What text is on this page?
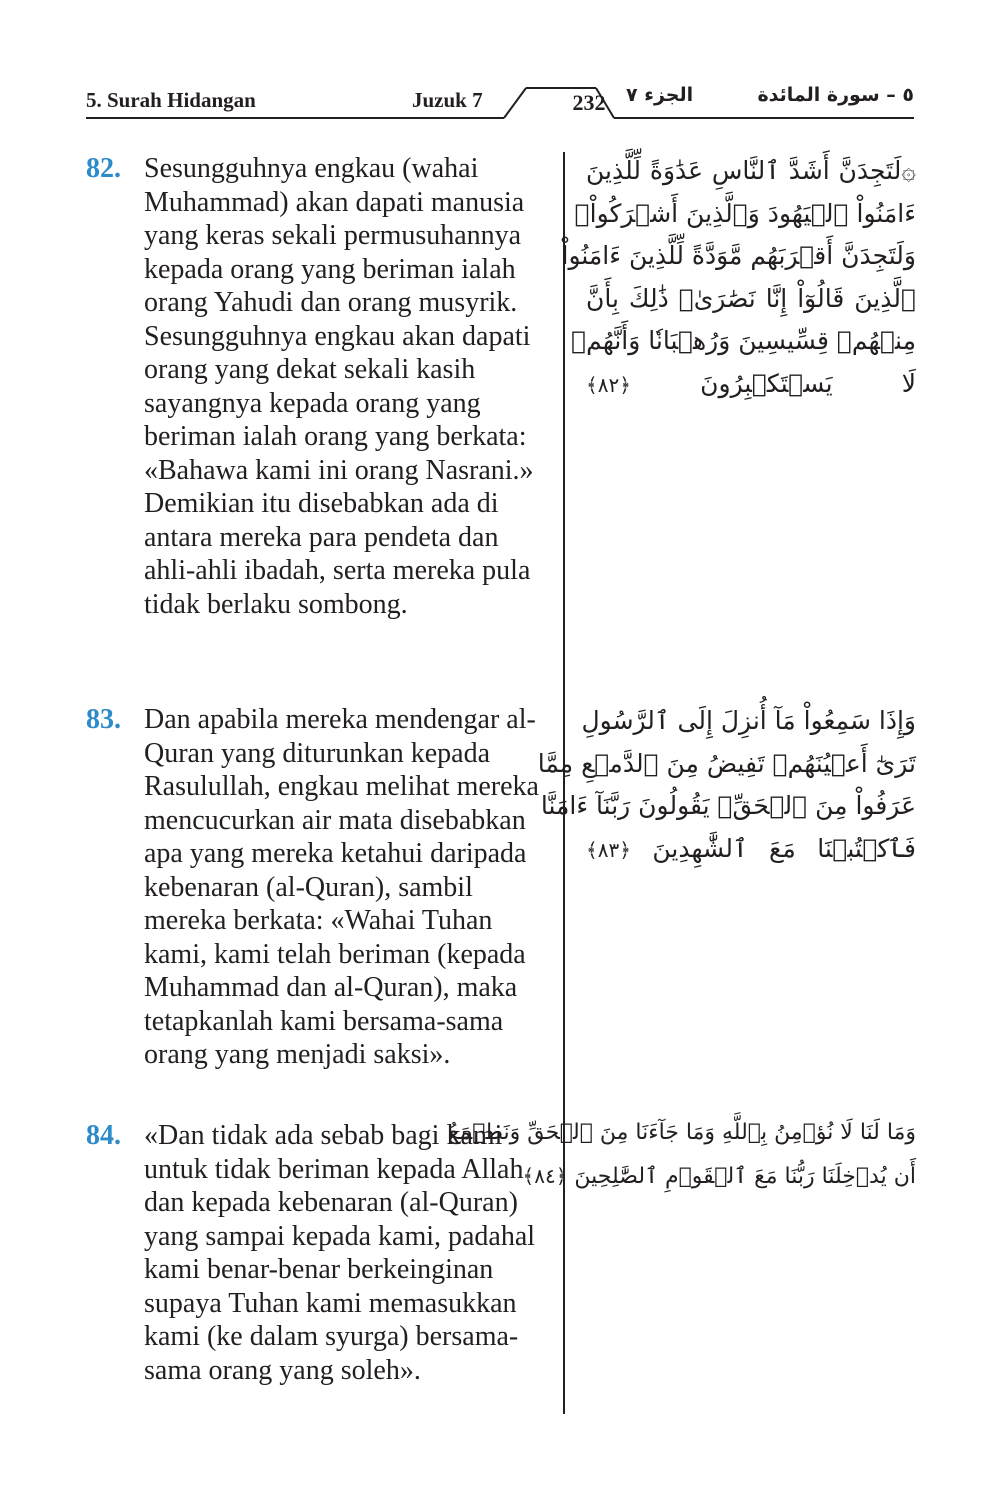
5. Surah Hidangan	Juzuk 7	232	الجزء ٧	٥ – سورة المائدة
82. Sesungguhnya engkau (wahai Muhammad) akan dapati manusia yang keras sekali permusuhannya kepada orang yang beriman ialah orang Yahudi dan orang musyrik. Sesungguhnya engkau akan dapati orang yang dekat sekali kasih sayangnya kepada orang yang beriman ialah orang yang berkata: «Bahawa kami ini orang Nasrani.» Demikian itu disebabkan ada di antara mereka para pendeta dan ahli-ahli ibadah, serta mereka pula tidak berlaku sombong.
۞لَتَجِدَنَّ أَشَدَّ ٱلنَّاسِ عَدَٰوَةً لِّلَّذِينَ
ءَامَنُواْ ٱلۡيَهُودَ وَٱلَّذِينَ أَشۡرَكُواْۖ
وَلَتَجِدَنَّ أَقۡرَبَهُم مَّوَدَّةً لِّلَّذِينَ ءَامَنُواْ
ٱلَّذِينَ قَالُوٓاْ إِنَّا نَصَٰرَىٰۚ ذَٰلِكَ بِأَنَّ
مِنۡهُمۡ قِسِّيسِينَ وَرُهۡبَانٗا وَأَنَّهُمۡ
لَا يَسۡتَكۡبِرُونَ ﴿٨٢﴾
83. Dan apabila mereka mendengar al-Quran yang diturunkan kepada Rasulullah, engkau melihat mereka mencucurkan air mata disebabkan apa yang mereka ketahui daripada kebenaran (al-Quran), sambil mereka berkata: «Wahai Tuhan kami, kami telah beriman (kepada Muhammad dan al-Quran), maka tetapkanlah kami bersama-sama orang yang menjadi saksi».
وَإِذَا سَمِعُواْ مَآ أُنزِلَ إِلَى ٱلرَّسُولِ
تَرَىٰٓ أَعۡيُنَهُمۡ تَفِيضُ مِنَ ٱلدَّمۡعِ مِمَّا
عَرَفُواْ مِنَ ٱلۡحَقِّۖ يَقُولُونَ رَبَّنَآ ءَامَنَّا
فَٱكۡتُبۡنَا مَعَ ٱلشَّٰهِدِينَ ﴿٨٣﴾
84. «Dan tidak ada sebab bagi kami untuk tidak beriman kepada Allah dan kepada kebenaran (al-Quran) yang sampai kepada kami, padahal kami benar-benar berkeinginan supaya Tuhan kami memasukkan kami (ke dalam syurga) bersama-sama orang yang soleh».
وَمَا لَنَا لَا نُؤۡمِنُ بِٱللَّهِ وَمَا جَآءَنَا مِنَ ٱلۡحَقِّ وَنَطۡمَعُ
أَن يُدۡخِلَنَا رَبُّنَا مَعَ ٱلۡقَوۡمِ ٱلصَّٰلِحِينَ ﴿٨٤﴾
